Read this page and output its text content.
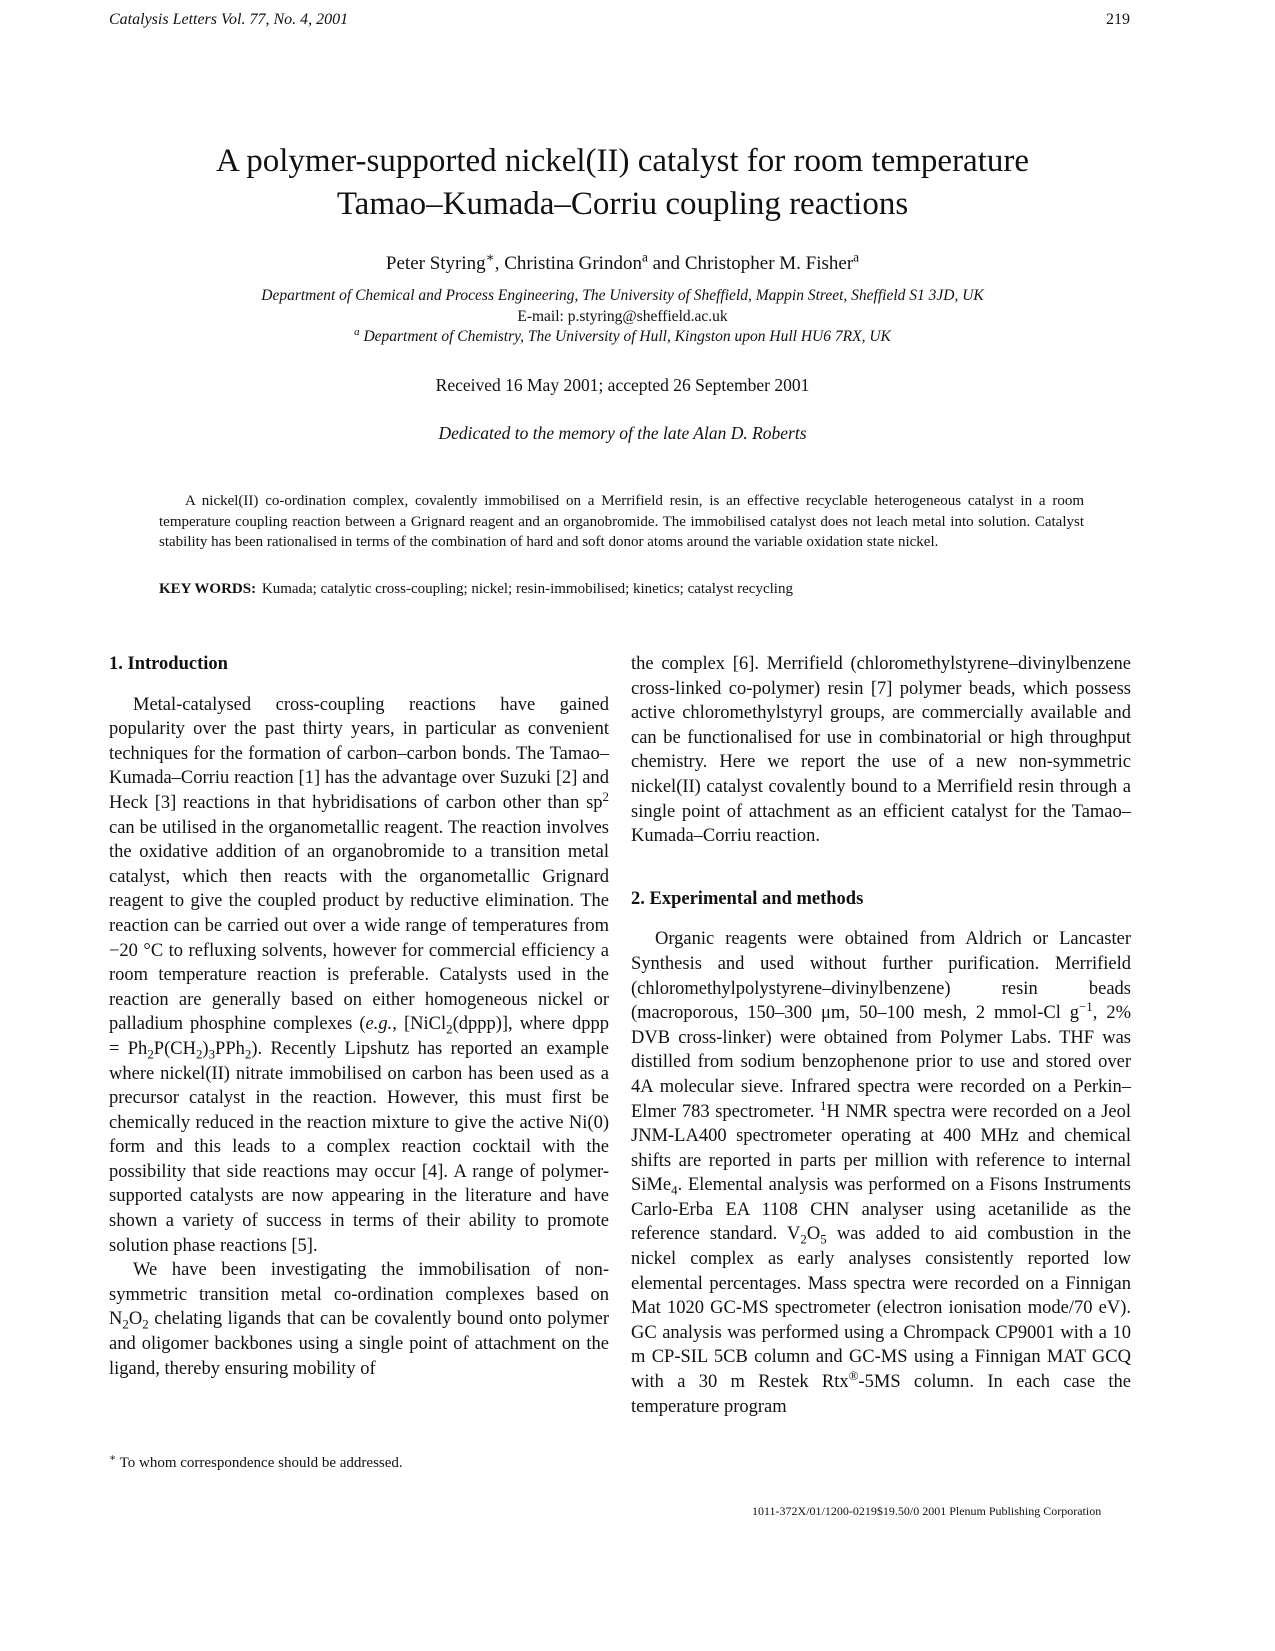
Catalysis Letters Vol. 77, No. 4, 2001	219
A polymer-supported nickel(II) catalyst for room temperature
Tamao–Kumada–Corriu coupling reactions
Peter Styring∗, Christina Grindon$^a$ and Christopher M. Fisher$^a$
Department of Chemical and Process Engineering, The University of Sheffield, Mappin Street, Sheffield S1 3JD, UK
E-mail: p.styring@sheffield.ac.uk
$^a$ Department of Chemistry, The University of Hull, Kingston upon Hull HU6 7RX, UK
Received 16 May 2001; accepted 26 September 2001
Dedicated to the memory of the late Alan D. Roberts

A nickel(II) co-ordination complex, covalently immobilised on a Merrifield resin, is an effective recyclable heterogeneous catalyst in a room temperature coupling reaction between a Grignard reagent and an organobromide. The immobilised catalyst does not leach metal into solution. Catalyst stability has been rationalised in terms of the combination of hard and soft donor atoms around the variable oxidation state nickel.

KEY WORDS: Kumada; catalytic cross-coupling; nickel; resin-immobilised; kinetics; catalyst recycling
1. Introduction

Metal-catalysed cross-coupling reactions have gained popularity over the past thirty years, in particular as convenient techniques for the formation of carbon–carbon bonds. The Tamao–Kumada–Corriu reaction [1] has the advantage over Suzuki [2] and Heck [3] reactions in that hybridisations of carbon other than $sp^2$ can be utilised in the organometallic reagent. The reaction involves the oxidative addition of an organobromide to a transition metal catalyst, which then reacts with the organometallic Grignard reagent to give the coupled product by reductive elimination. The reaction can be carried out over a wide range of temperatures from −20 °C to refluxing solvents, however for commercial efficiency a room temperature reaction is preferable. Catalysts used in the reaction are generally based on either homogeneous nickel or palladium phosphine complexes (e.g., [NiCl$_2$(dppp)], where dppp = $Ph_2P(CH_2)_3PPh_2$). Recently Lipshutz has reported an example where nickel(II) nitrate immobilised on carbon has been used as a precursor catalyst in the reaction. However, this must first be chemically reduced in the reaction mixture to give the active Ni(0) form and this leads to a complex reaction cocktail with the possibility that side reactions may occur [4]. A range of polymer-supported catalysts are now appearing in the literature and have shown a variety of success in terms of their ability to promote solution phase reactions [5].

We have been investigating the immobilisation of non-symmetric transition metal co-ordination complexes based on $N_2O_2$ chelating ligands that can be covalently bound onto polymer and oligomer backbones using a single point of attachment on the ligand, thereby ensuring mobility of

the complex [6]. Merrifield (chloromethylstyrene–divinylbenzene cross-linked co-polymer) resin [7] polymer beads, which possess active chloromethylstyryl groups, are commercially available and can be functionalised for use in combinatorial or high throughput chemistry. Here we report the use of a new non-symmetric nickel(II) catalyst covalently bound to a Merrifield resin through a single point of attachment as an efficient catalyst for the Tamao–Kumada–Corriu reaction.

2. Experimental and methods

Organic reagents were obtained from Aldrich or Lancaster Synthesis and used without further purification. Merrifield (chloromethylpolystyrene–divinylbenzene) resin beads (macroporous, 150–300 μm, 50–100 mesh, 2 mmol-Cl $g^{-1}$, 2% DVB cross-linker) were obtained from Polymer Labs. THF was distilled from sodium benzophenone prior to use and stored over 4A molecular sieve. Infrared spectra were recorded on a Perkin–Elmer 783 spectrometer. $^1$H NMR spectra were recorded on a Jeol JNM-LA400 spectrometer operating at 400 MHz and chemical shifts are reported in parts per million with reference to internal SiMe$_4$. Elemental analysis was performed on a Fisons Instruments Carlo-Erba EA 1108 CHN analyser using acetanilide as the reference standard. $V_2O_5$ was added to aid combustion in the nickel complex as early analyses consistently reported low elemental percentages. Mass spectra were recorded on a Finnigan Mat 1020 GC-MS spectrometer (electron ionisation mode/70 eV). GC analysis was performed using a Chrompack CP9001 with a 10 m CP-SIL 5CB column and GC-MS using a Finnigan MAT GCQ with a 30 m Restek Rtx®-5MS column. In each case the temperature program

∗ To whom correspondence should be addressed.
1011-372X/01/1200-0219$19.50/0 2001 Plenum Publishing Corporation
